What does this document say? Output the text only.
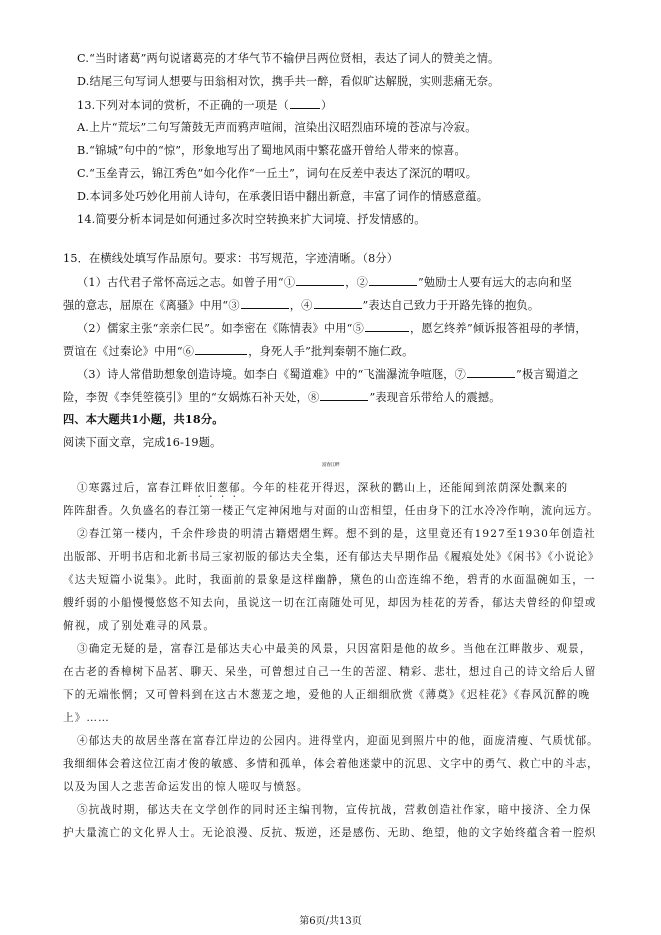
C.“当时诸葛”两句说诸葛亮的才华气节不输伊吕两位贤相，表达了词人的赞美之情。
D.结尾三句写词人想要与田翁相对饮，携手共一醉，看似旷达解脱，实则悲痛无奈。
13.下列对本词的赏析，不正确的一项是（	）
A.上片“荒坛”二句写箫鼓无声而鸦声喧闹，渲染出汉昭烈庙环境的苍凉与冷寂。
B.“锦城”句中的“惊”，形象地写出了蜀地风雨中繁花盛开曾给人带来的惊喜。
C.“玉垒青云，锦江秀色”如今化作“一丘土”，词句在反差中表达了深沉的喟叹。
D.本词多处巧妙化用前人诗句，在承袭旧语中翻出新意，丰富了词作的情感意蕴。
14.简要分析本词是如何通过多次时空转换来扩大词境、抒发情感的。
15．在横线处填写作品原句。要求：书写规范，字迹清晰。（8分）
（1）古代君子常怀高远之志。如曾子用“①	，②	”勉励士人要有远大的志向和坚
强的意志，屈原在《离骚》中用“③	，④	”表达自己致力于开路先锋的抱负。
（2）儒家主张“亲亲仁民”。如李密在《陈情表》中用“⑤	，愿乞终养”倾诉报答祖母的孝情，
贾谊在《过秦论》中用“⑥	，身死人手”批判秦朝不施仁政。
（3）诗人常借助想象创造诗境。如李白《蜀道难》中的“飞湍瀑流争喧豗，⑦	”极言蜀道之
险，李贺《李凭箜篌引》里的“女娲炼石补天处，⑧	”表现音乐带给人的震撼。
四、本大题共1小题，共18分。
阅读下面文章，完成16-19题。
富春江畔
①寒露过后，富春江畔依旧葱郁。今年的桂花开得迟，深秋的鹳山上，还能闻到浓荫深处飘来的
阵阵甜香。久负盛名的春江第一楼正气定神闲地与对面的山峦相望，任由身下的江水冷冷作响，流向远方。
②春江第一楼内，千余件珍贵的明清古籍熠熠生辉。想不到的是，这里竟还有1927至1930年创造社
出版部、开明书店和北新书局三家初版的郁达夫全集，还有郁达夫早期作品《履痕处处》《闲书》《小说论》
《达夫短篇小说集》。此时，我面前的景象是这样幽静，黛色的山峦连绵不绝，碧青的水面温碗如玉，一
艘纤弱的小船慢慢悠悠不知去向，虽说这一切在江南随处可见，却因为桂花的芳香，郁达夫曾经的仰望或
俯视，成了别处难寻的风景。
③确定无疑的是，富春江是郁达夫心中最美的风景，只因富阳是他的故乡。当他在江畔散步、观景，
在古老的香樟树下品茗、聊天、呆坐，可曾想过自己一生的苦涩、精彩、悲壮，想过自己的诗文给后人留
下的无端怅惘；又可曾料到在这古木葱茏之地，爱他的人正细细欣赏《薄奠》《迟桂花》《春风沉醉的晚
上》……
④郁达夫的故居坐落在富春江岸边的公园内。进得堂内，迎面见到照片中的他，面庞清瘦、气质忧郁。
我细细体会着这位江南才俊的敏感、多情和孤单，体会着他迷蒙中的沉思、文字中的勇气、救亡中的斗志，
以及为国人之悲苦命运发出的惊人嗟叹与愤怒。
⑤抗战时期，郁达夫在文学创作的同时还主编刊物，宣传抗战，营救创造社作家，暗中接济、全力保
护大量流亡的文化界人士。无论浪漫、反抗、叛逆，还是感伤、无助、绝望，他的文字始终蕴含着一腔炽
第6页/共13页
